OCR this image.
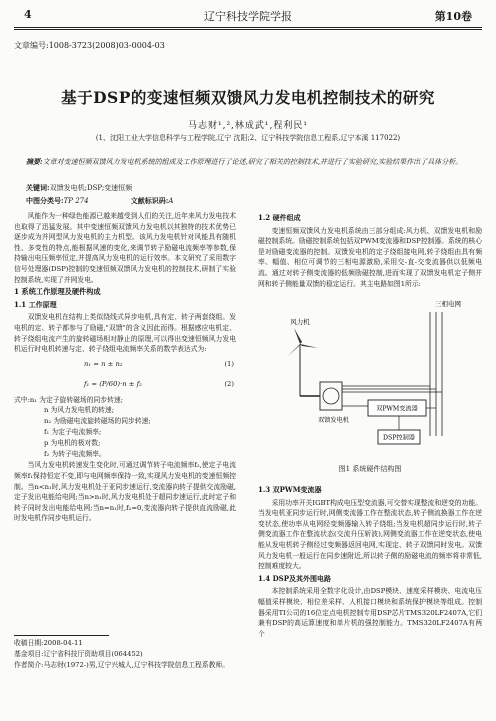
4	辽宁科技学院学报	第10卷
文章编号:1008-3723(2008)03-0004-03
基于DSP的变速恒频双馈风力发电机控制技术的研究
马志财¹,²,林成武¹,程利民¹
(1、沈阳工业大学信息科学与工程学院,辽宁 沈阳;2、辽宁科技学院信息工程系,辽宁本溪 117022)
摘要:文章对变速恒频双馈风力发电机系统的组成及工作原理进行了论述,研究了相关的控制技术,并进行了实验研究,实验结果作出了具体分析。
关键词:双馈发电机;DSP;变速恒频
中图分类号:TP 274	文献标识码:A

风能作为一种绿色能源已越来越受到人们的关注,近年来风力发电技术也取得了迅猛发展。其中变速恒频双馈风力发电机以其独特的技术优势已逐步成为并网型风力发电机的主力机型。该风力发电机针对风能具有随机性、多变性的特点,能根据风速的变化,来调节转子励磁电流频率等参数,保持输出电压频率恒定,并提高风力发电机的运行效率。本文研究了采用数字信号处理器(DSP)控制的变速恒频双馈风力发电机的控制技术,研制了实验控制系统,实现了并网发电。

1 系统工作原理及硬件构成
1.1 工作原理

双馈发电机在结构上类似绕线式异步电机,具有定、转子两套绕组。发电机的定、转子都参与了励磁,"双馈"的含义因此而得。根据感应电机定、转子绕组电流产生的旋转磁场相对静止的原理,可以得出变速恒频风力发电机运行时电机转速与定、转子绕组电流频率关系的数学表达式为:

n₁ = n ± n₂	(1)
f₁ = (P/60)·n ± f₂	(2)

式中:n₁ 为定子旋转磁场的同步转速;

n 为风力发电机的转速;
n₂ 为励磁电流旋转磁场的同步转速;
f₁ 为定子电流频率;
p 为电机的极对数;
f₂ 为转子电流频率。

当风力发电机转速发生变化时,可通过调节转子电流频率f₂,使定子电流频率f₁保持恒定不变,即与电网频率保持一致,实现风力发电机的变速恒频控制。当n<n₁时,风力发电机处于亚同步速运行,变流器向转子提供交流励磁,定子发出电能给电网;当n>n₁时,风力发电机处于超同步速运行,此时定子和转子同时发出电能给电网;当n=n₁时,f₂=0,变流器向转子提供直流励磁,此时发电机作同步电机运行。

收稿日期:2008-04-11
基金项目:辽宁省科技厅资助项目(064452)
作者简介:马志财(1972-)男,辽宁兴城人,辽宁科技学院信息工程系教师。
1.2 硬件组成

变速恒频双馈风力发电机系统由三部分组成:风力机、双馈发电机和励磁控制系统。励磁控制系统包括双PWM变流器和DSP控制器。系统的核心是对励磁变流器的控制。双馈发电机的定子绕组接电网,转子绕组由具有频率、幅值、相位可调节的三相电源激励,采用交-直-交变流器供以低频电流。通过对转子侧变流器的低频励磁控制,进而实现了双馈发电机定子侧并网和转子侧能量双馈的稳定运行。其主电路如图1所示:

三相电网
风力机
双馈发电机
双PWM变流器
DSP控制器
图1 系统硬件结构图
1.3 双PWM变流器

采用功率开关IGBT构成电压型变流器,可交替实现整流和逆变的功能。当发电机亚同步运行时,网侧变流器工作在整流状态,转子侧流换器工作在逆变状态,使功率从电网经变频器输入转子绕组;当发电机超同步运行时,转子侧变流器工作在整流状态(交流升压斩波),网侧变流器工作在逆变状态,使电能从发电机转子侧经过变频器返回电网,实现定、转子双馈同时发电。双馈风力发电机一般运行在同步速附近,所以转子侧的励磁电流的频率将非常低,控制难度较大。

1.4 DSP及其外围电路

本控制系统采用全数字化设计,由DSP模块、速度采样模块、电流电压幅值采样模块、相位差采样、人机接口模块和系统保护模块等组成。控制器采用TI公司的16位定点电机控制专用DSP芯片TMS320LF2407A,它们兼有DSP的高运算速度和单片机的强控制能力。TMS320LF2407A有两个
